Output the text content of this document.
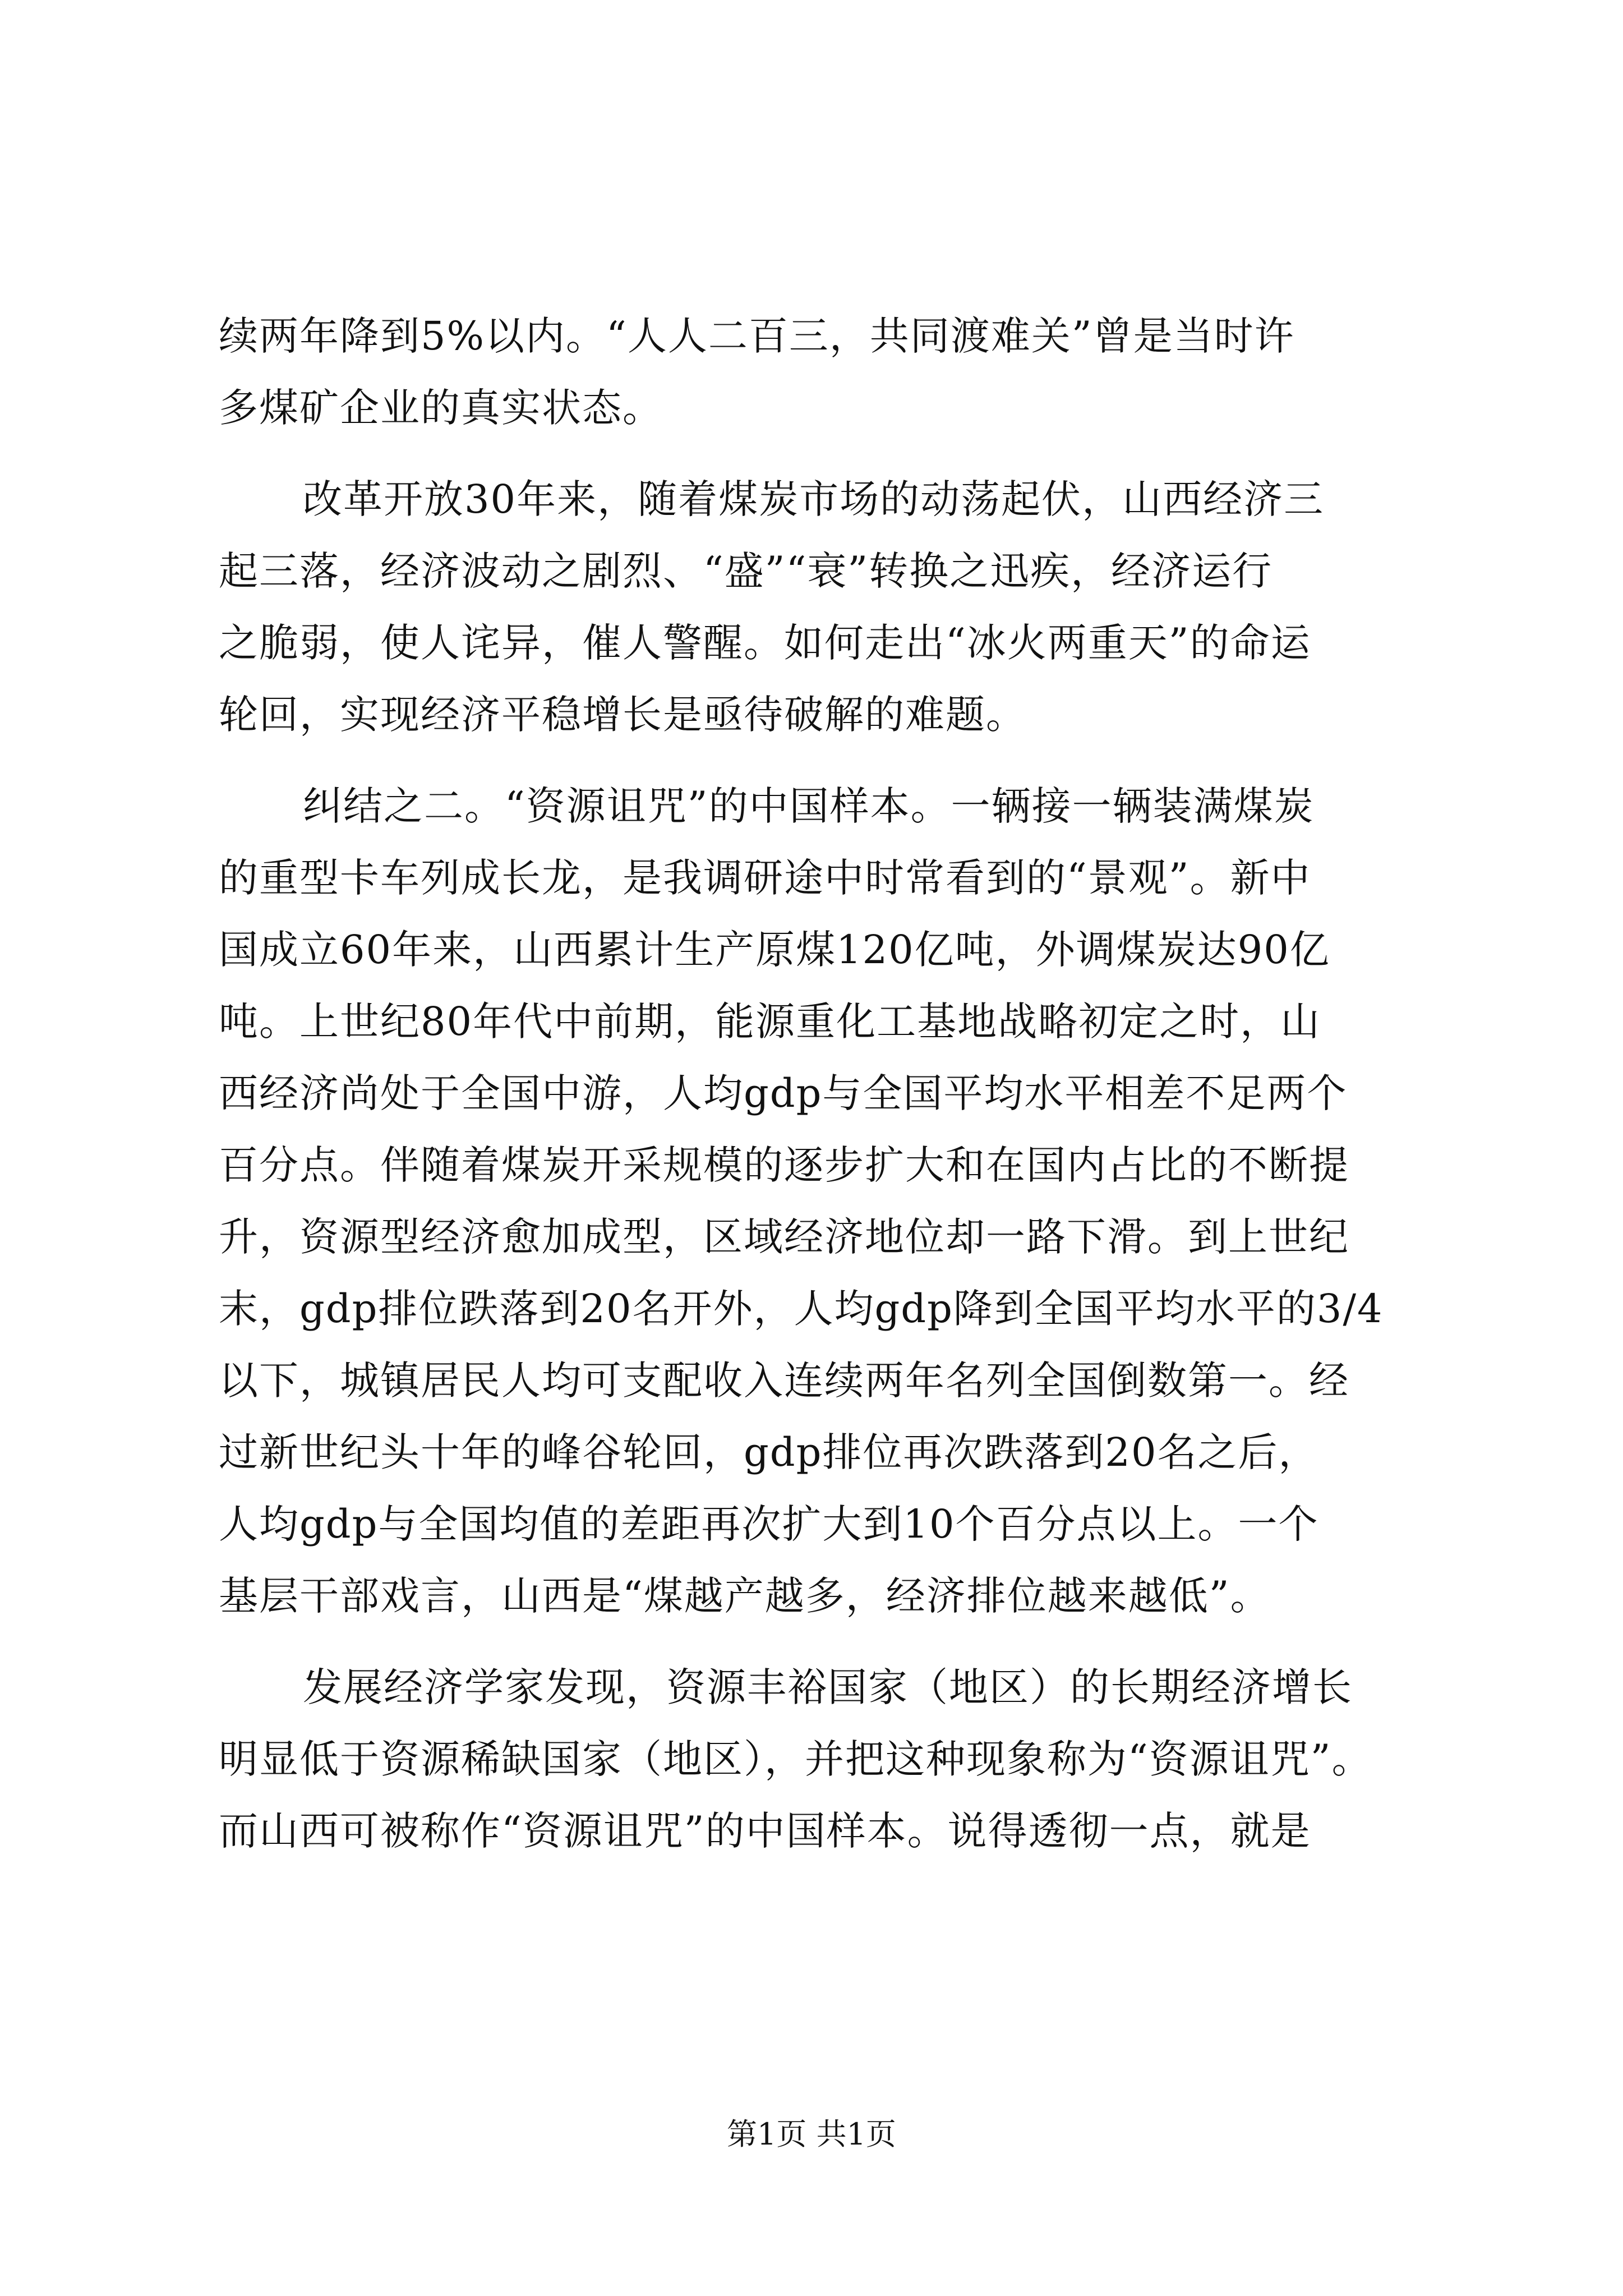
续两年降到5%以内。“人人二百三，共同渡难关”曾是当时许
多煤矿企业的真实状态。
改革开放30年来，随着煤炭市场的动荡起伏，山西经济三
起三落，经济波动之剧烈、“盛”“衰”转换之迅疾，经济运行
之脆弱，使人诧异，催人警醒。如何走出“冰火两重天”的命运
轮回，实现经济平稳增长是亟待破解的难题。
纠结之二。“资源诅咒”的中国样本。一辆接一辆装满煤炭
的重型卡车列成长龙，是我调研途中时常看到的“景观”。新中
国成立60年来，山西累计生产原煤120亿吨，外调煤炭达90亿
吨。上世纪80年代中前期，能源重化工基地战略初定之时，山
西经济尚处于全国中游，人均gdp与全国平均水平相差不足两个
百分点。伴随着煤炭开采规模的逐步扩大和在国内占比的不断提
升，资源型经济愈加成型，区域经济地位却一路下滑。到上世纪
末，gdp排位跌落到20名开外，人均gdp降到全国平均水平的3/4
以下，城镇居民人均可支配收入连续两年名列全国倒数第一。经
过新世纪头十年的峰谷轮回，gdp排位再次跌落到20名之后，
人均gdp与全国均值的差距再次扩大到10个百分点以上。一个
基层干部戏言，山西是“煤越产越多，经济排位越来越低”。
发展经济学家发现，资源丰裕国家（地区）的长期经济增长
明显低于资源稀缺国家（地区），并把这种现象称为“资源诅咒”。
而山西可被称作“资源诅咒”的中国样本。说得透彻一点，就是
第1页 共1页
